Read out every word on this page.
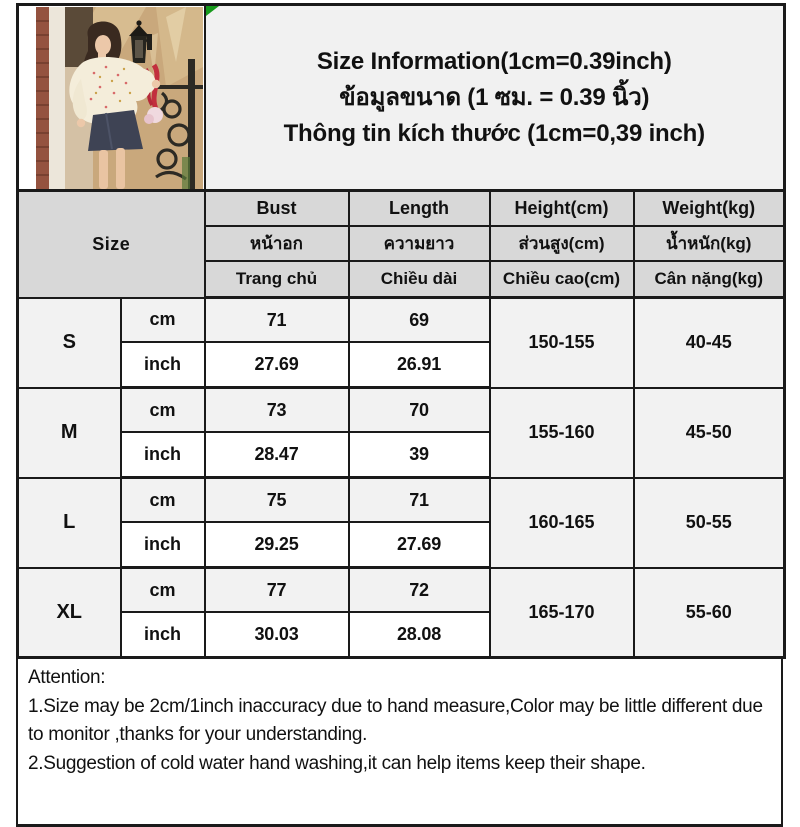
Size Information(1cm=0.39inch)
ข้อมูลขนาด (1 ซม. = 0.39 นิ้ว)
Thông tin kích thước (1cm=0,39 inch)			

Size		Bust	Length	Height(cm)	Weight(kg)
		หน้าอก	ความยาว	ส่วนสูง(cm)	น้ำหนัก(kg)
		Trang chủ	Chiều dài	Chiều cao(cm)	Cân nặng(kg)
S	cm	71	69	150-155	40-45
	inch	27.69	26.91		
M	cm	73	70	155-160	45-50
	inch	28.47	39		
L	cm	75	71	160-165	50-55
	inch	29.25	27.69		
XL	cm	77	72	165-170	55-60
	inch	30.03	28.08		
Attention:

1.Size may be 2cm/1inch inaccuracy due to hand measure,Color may be little different due to monitor ,thanks for your understanding.

2.Suggestion of cold water hand washing,it can help items keep their shape.
